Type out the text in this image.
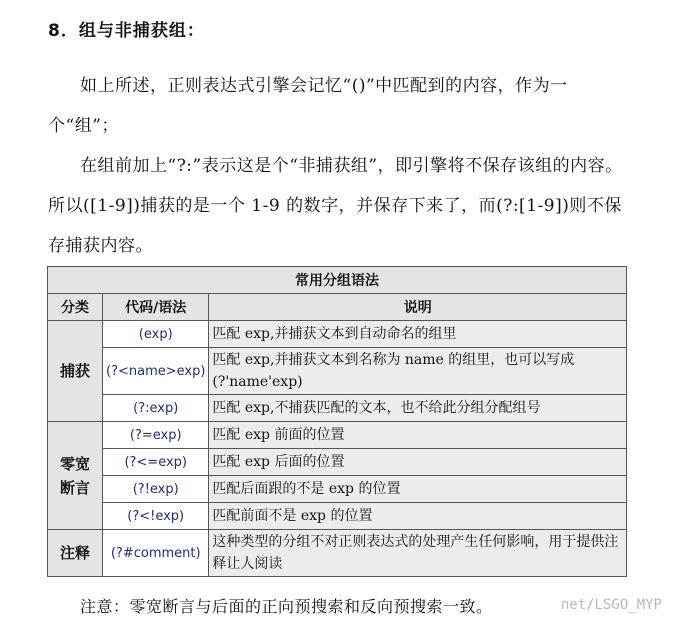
8．组与非捕获组：
如上所述，正则表达式引擎会记忆“()”中匹配到的内容，作为一个“组”；
在组前加上“?:”表示这是个“非捕获组”，即引擎将不保存该组的内容。所以([1-9])捕获的是一个 1-9 的数字，并保存下来了，而(?:[1-9])则不保存捕获内容。
常用分组语法		
分类	代码/语法	说明
捕获	(exp)	匹配 exp,并捕获文本到自动命名的组里
	(?<name>exp)	匹配 exp,并捕获文本到名称为 name 的组里，也可以写成(?'name'exp)
	(?:exp)	匹配 exp,不捕获匹配的文本，也不给此分组分配组号
零宽断言	(?=exp)	匹配 exp 前面的位置
	(?<=exp)	匹配 exp 后面的位置
	(?!exp)	匹配后面跟的不是 exp 的位置
	(?<!exp)	匹配前面不是 exp 的位置
注释	(?#comment)	这种类型的分组不对正则表达式的处理产生任何影响，用于提供注释让人阅读
注意：零宽断言与后面的正向预搜索和反向预搜索一致。	net/LSGO_MYP
